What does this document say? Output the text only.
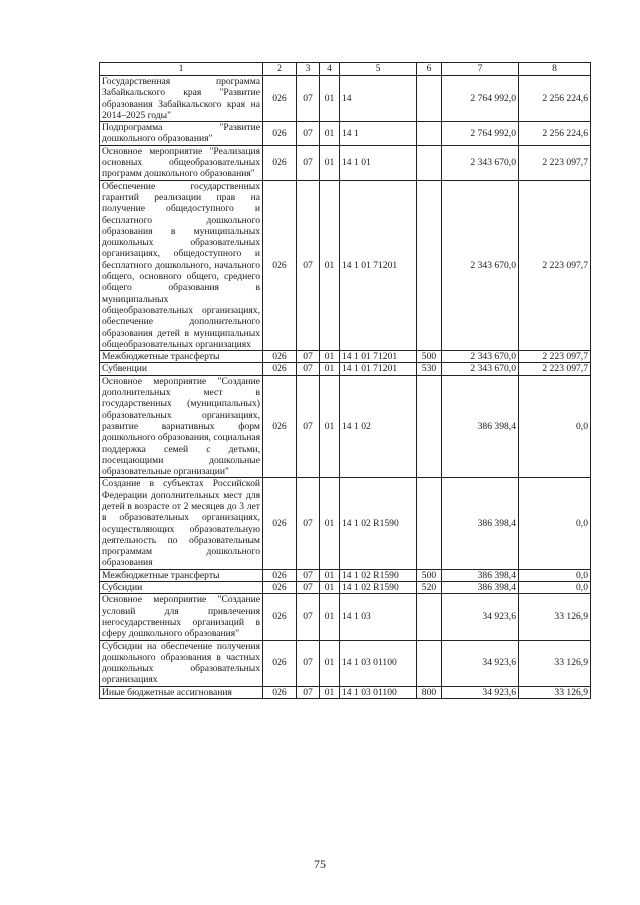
1	2	3	4	5	6	7	8
Государственная программа Забайкальского края "Развитие образования Забайкальского края на 2014–2025 годы"	026	07	01	14		2 764 992,0	2 256 224,6
Подпрограмма "Развитие дошкольного образования"	026	07	01	14 1		2 764 992,0	2 256 224,6
Основное мероприятие "Реализация основных общеобразовательных программ дошкольного образования"	026	07	01	14 1 01		2 343 670,0	2 223 097,7
Обеспечение государственных гарантий реализации прав на получение общедоступного и бесплатного дошкольного образования в муниципальных дошкольных образовательных организациях, общедоступного и бесплатного дошкольного, начального общего, основного общего, среднего общего образования в муниципальных общеобразовательных организациях, обеспечение дополнительного образования детей в муниципальных общеобразовательных организациях	026	07	01	14 1 01 71201		2 343 670,0	2 223 097,7
Межбюджетные трансферты	026	07	01	14 1 01 71201	500	2 343 670,0	2 223 097,7
Субвенции	026	07	01	14 1 01 71201	530	2 343 670,0	2 223 097,7
Основное мероприятие "Создание дополнительных мест в государственных (муниципальных) образовательных организациях, развитие вариативных форм дошкольного образования, социальная поддержка семей с детьми, посещающими дошкольные образовательные организации"	026	07	01	14 1 02		386 398,4	0,0
Создание в субъектах Российской Федерации дополнительных мест для детей в возрасте от 2 месяцев до 3 лет в образовательных организациях, осуществляющих образовательную деятельность по образовательным программам дошкольного образования	026	07	01	14 1 02 R1590		386 398,4	0,0
Межбюджетные трансферты	026	07	01	14 1 02 R1590	500	386 398,4	0,0
Субсидии	026	07	01	14 1 02 R1590	520	386 398,4	0,0
Основное мероприятие "Создание условий для привлечения негосударственных организаций в сферу дошкольного образования"	026	07	01	14 1 03		34 923,6	33 126,9
Субсидии на обеспечение получения дошкольного образования в частных дошкольных образовательных организациях	026	07	01	14 1 03 01100		34 923,6	33 126,9
Иные бюджетные ассигнования	026	07	01	14 1 03 01100	800	34 923,6	33 126,9
75
